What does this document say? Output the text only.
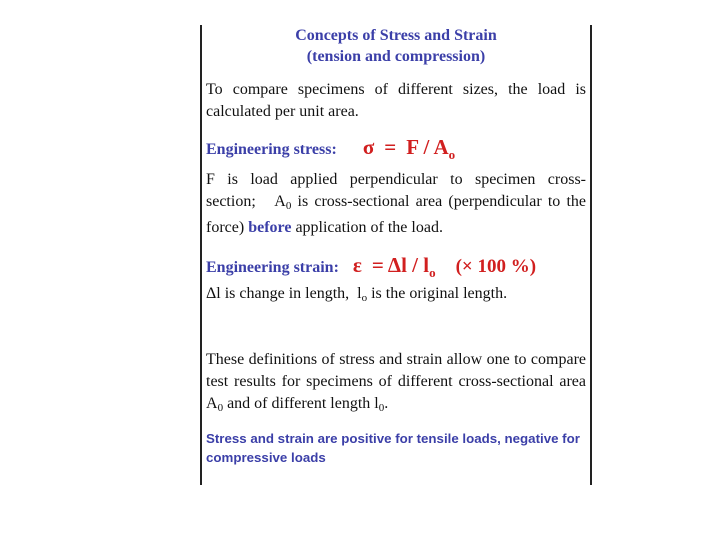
Concepts of Stress and Strain
(tension and compression)

To compare specimens of different sizes, the load is calculated per unit area.

Engineering stress: $\sigma = F / A_o$

F is load applied perpendicular to specimen cross-section; $A_0$ is cross-sectional area (perpendicular to the force) before application of the load.

Engineering strain: $\varepsilon = \Delta l / l_o$ (× 100 %)

Δl is change in length, $l_o$ is the original length.

These definitions of stress and strain allow one to compare test results for specimens of different cross-sectional area $A_0$ and of different length $l_0$.

Stress and strain are positive for tensile loads, negative for compressive loads
